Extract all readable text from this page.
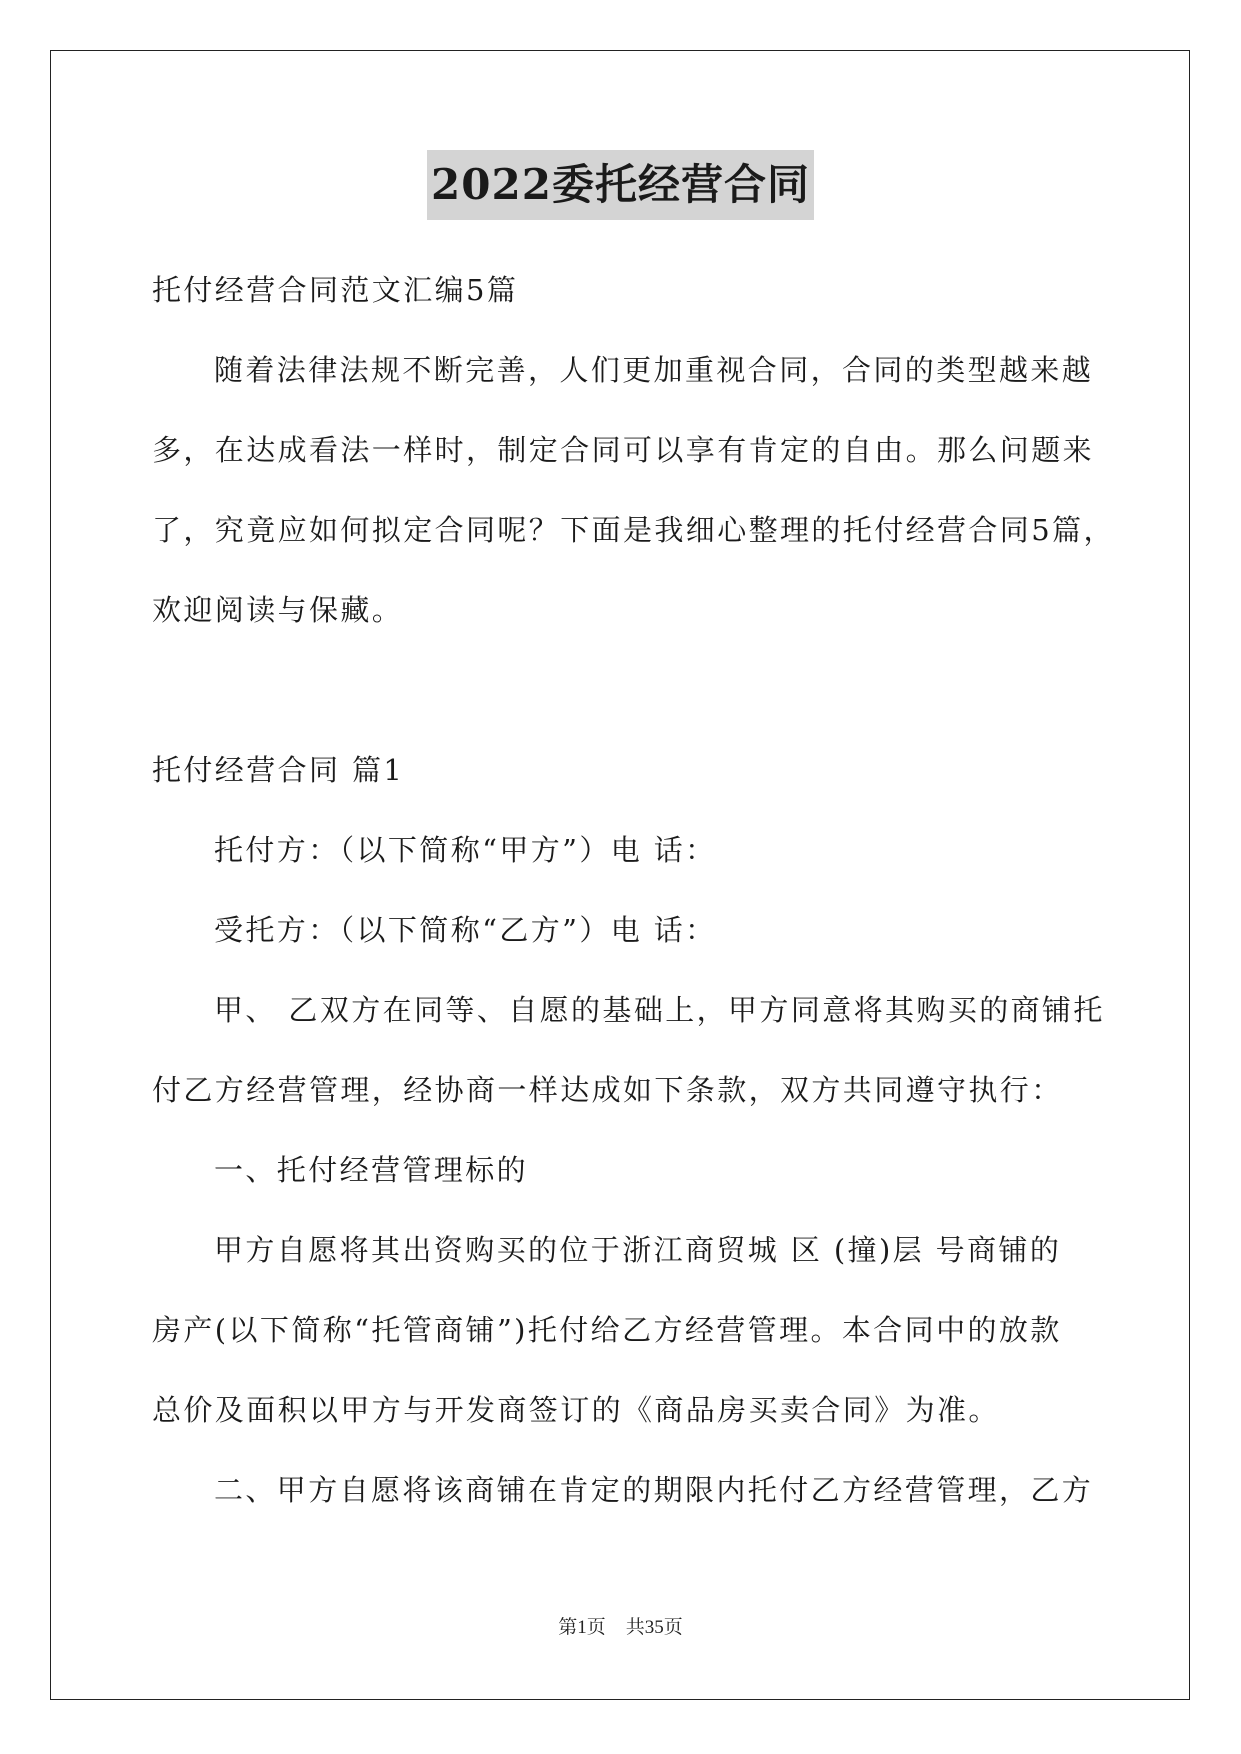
2022委托经营合同
托付经营合同范文汇编5篇
随着法律法规不断完善，人们更加重视合同，合同的类型越来越
多，在达成看法一样时，制定合同可以享有肯定的自由。那么问题来
了，究竟应如何拟定合同呢？下面是我细心整理的托付经营合同5篇，
欢迎阅读与保藏。
托付经营合同 篇1
托付方：（以下简称“甲方”）电 话：
受托方：（以下简称“乙方”）电 话：
甲、 乙双方在同等、自愿的基础上，甲方同意将其购买的商铺托
付乙方经营管理，经协商一样达成如下条款，双方共同遵守执行：
一、托付经营管理标的
甲方自愿将其出资购买的位于浙江商贸城 区 (撞)层 号商铺的
房产(以下简称“托管商铺”)托付给乙方经营管理。本合同中的放款
总价及面积以甲方与开发商签订的《商品房买卖合同》为准。
二、甲方自愿将该商铺在肯定的期限内托付乙方经营管理，乙方
第1页 共35页
